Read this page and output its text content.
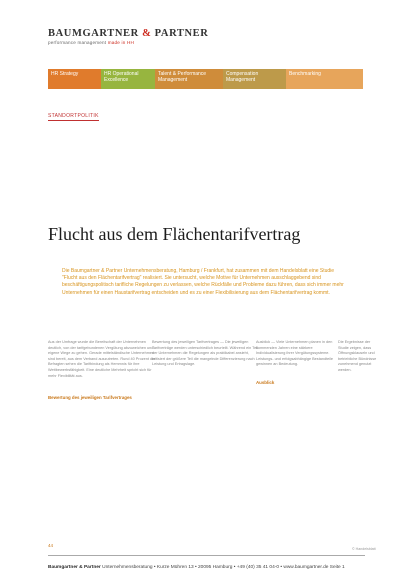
BAUMGARTNER & PARTNER
performance management made in HH
HR Strategy	HR Operational Excellence
Talent & Performance Management
Compensation Management
Benchmarking
STANDORTPOLITIK
Flucht aus dem Flächentarifvertrag
Die Baumgartner & Partner Unternehmensberatung, Hamburg / Frankfurt, hat zusammen mit dem Handelsblatt eine Studie "Flucht aus den Flächentarifvertrag" realisiert. Sie untersucht, welche Motive für Unternehmen ausschlaggebend sind beschäftigungspolitisch tarifliche Regelungen zu verlassen, welche Rückfälle und Probleme dazu führen, dass sich immer mehr Unternehmen für einen Haustarifvertrag entscheiden und es zu einer Flexibilisierung aus dem Flächentarifvertrag kommt.
Aus der Umfrage wurde die Bereitschaft der Unternehmen deutlich, von der tarifgebundenen Vergütung abzuweichen und eigene Wege zu gehen. Gerade mittelständische Unternehmen sind bereit, aus dem Verband auszutreten. Rund 40 Prozent der Befragten sehen die Tarifbindung als Hemmnis für ihre Wettbewerbsfähigkeit. Eine deutliche Mehrheit spricht sich für mehr Flexibilität aus.
Bewertung des jeweiligen Tarifvertrages — Die jeweiligen Tarifverträge werden unterschiedlich beurteilt. Während ein Teil der Unternehmen die Regelungen als praktikabel ansieht, kritisiert der größere Teil die mangelnde Differenzierung nach Leistung und Ertragslage.
Ausblick — Viele Unternehmen planen in den kommenden Jahren eine stärkere Individualisierung ihrer Vergütungssysteme. Leistungs- und erfolgsabhängige Bestandteile gewinnen an Bedeutung.
Die Ergebnisse der Studie zeigen, dass Öffnungsklauseln und betriebliche Bündnisse zunehmend genutzt werden.
Bewertung des jeweiligen Tarifvertrages
Ausblick
44
© Handelsblatt
Baumgartner & Partner Unternehmensberatung • Kurze Mühren 13 • 20095 Hamburg • +49 (40) 35 41 04-0 • www.baumgartner.de Seite 1
